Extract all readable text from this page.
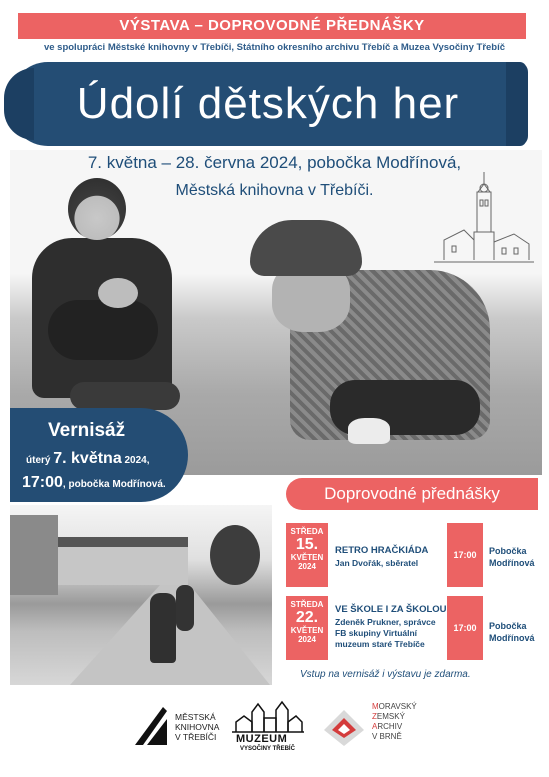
VÝSTAVA – DOPROVODNÉ PŘEDNÁŠKY
ve spolupráci Městské knihovny v Třebíči, Státního okresního archivu Třebíč a Muzea Vysočiny Třebíč
Údolí dětských her
7. května – 28. června 2024, pobočka Modřínová,
Městská knihovna v Třebíči.
Vernisáž
úterý 7. května 2024,
17:00, pobočka Modřínová.	Doprovodné přednášky
STŘEDA
15.
KVĚTEN
2024
RETRO HRAČKIÁDA
Jan Dvořák, sběratel
17:00	Pobočka
Modřínová
STŘEDA
22.
KVĚTEN
2024
VE ŠKOLE I ZA ŠKOLOU
Zdeněk Prukner, správce
FB skupiny Virtuální
muzeum staré Třebíče
17:00	Pobočka
Modřínová
Vstup na vernisáž i výstavu je zdarma.
MĚSTSKÁ
KNIHOVNA
V TŘEBÍČI MUZEUM
VYSOČINY TŘEBÍČ
MORAVSKÝ
ZEMSKÝ
ARCHIV
V BRNĚ
